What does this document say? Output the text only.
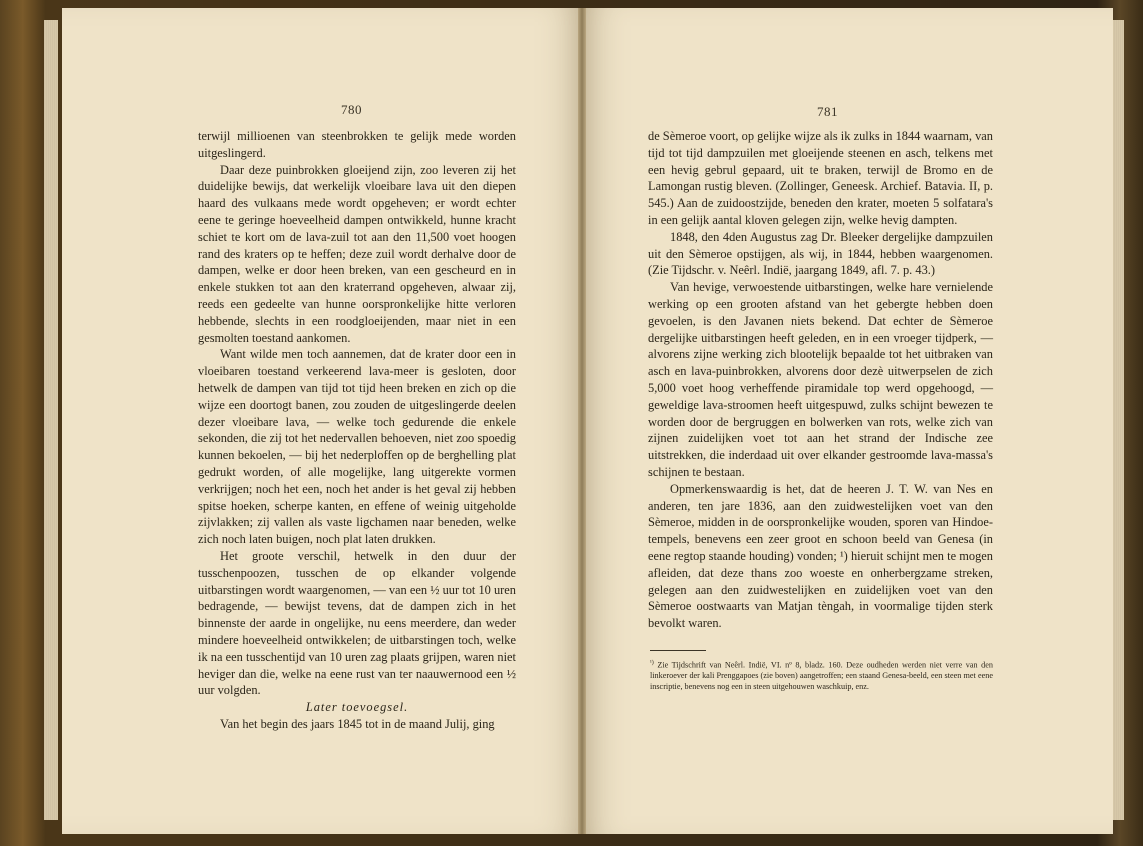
780	781

terwijl millioenen van steenbrokken te gelijk mede worden uitgeslingerd.

Daar deze puinbrokken gloeijend zijn, zoo leveren zij het duidelijke bewijs, dat werkelijk vloeibare lava uit den diepen haard des vulkaans mede wordt opgeheven; er wordt echter eene te geringe hoeveelheid dampen ontwikkeld, hunne kracht schiet te kort om de lava-zuil tot aan den 11,500 voet hoogen rand des kraters op te heffen; deze zuil wordt derhalve door de dampen, welke er door heen breken, van een gescheurd en in enkele stukken tot aan den kraterrand opgeheven, alwaar zij, reeds een gedeelte van hunne oorspronkelijke hitte verloren hebbende, slechts in een roodgloeijenden, maar niet in een gesmolten toestand aankomen.

Want wilde men toch aannemen, dat de krater door een in vloeibaren toestand verkeerend lava-meer is gesloten, door hetwelk de dampen van tijd tot tijd heen breken en zich op die wijze een doortogt banen, zou zouden de uitgeslingerde deelen dezer vloeibare lava, — welke toch gedurende die enkele sekonden, die zij tot het nedervallen behoeven, niet zoo spoedig kunnen bekoelen, — bij het nederploffen op de berghelling plat gedrukt worden, of alle mogelijke, lang uitgerekte vormen verkrijgen; noch het een, noch het ander is het geval zij hebben spitse hoeken, scherpe kanten, en effene of weinig uitgeholde zijvlakken; zij vallen als vaste ligchamen naar beneden, welke zich noch laten buigen, noch plat laten drukken.

Het groote verschil, hetwelk in den duur der tusschenpoozen, tusschen de op elkander volgende uitbarstingen wordt waargenomen, — van een ½ uur tot 10 uren bedragende, — bewijst tevens, dat de dampen zich in het binnenste der aarde in ongelijke, nu eens meerdere, dan weder mindere hoeveelheid ontwikkelen; de uitbarstingen toch, welke ik na een tusschentijd van 10 uren zag plaats grijpen, waren niet heviger dan die, welke na eene rust van ter naauwernood een ½ uur volgden.

Later toevoegsel.

Van het begin des jaars 1845 tot in de maand Julij, ging

de Sèmeroe voort, op gelijke wijze als ik zulks in 1844 waarnam, van tijd tot tijd dampzuilen met gloeijende steenen en asch, telkens met een hevig gebrul gepaard, uit te braken, terwijl de Bromo en de Lamongan rustig bleven. (Zollinger, Geneesk. Archief. Batavia. II, p. 545.) Aan de zuidoostzijde, beneden den krater, moeten 5 solfatara's in een gelijk aantal kloven gelegen zijn, welke hevig dampten.

1848, den 4den Augustus zag Dr. Bleeker dergelijke dampzuilen uit den Sèmeroe opstijgen, als wij, in 1844, hebben waargenomen. (Zie Tijdschr. v. Neêrl. Indië, jaargang 1849, afl. 7. p. 43.)

Van hevige, verwoestende uitbarstingen, welke hare vernielende werking op een grooten afstand van het gebergte hebben doen gevoelen, is den Javanen niets bekend. Dat echter de Sèmeroe dergelijke uitbarstingen heeft geleden, en in een vroeger tijdperk, — alvorens zijne werking zich blootelijk bepaalde tot het uitbraken van asch en lava-puinbrokken, alvorens door dezè uitwerpselen de zich 5,000 voet hoog verheffende piramidale top werd opgehoogd, — geweldige lava-stroomen heeft uitgespuwd, zulks schijnt bewezen te worden door de bergruggen en bolwerken van rots, welke zich van zijnen zuidelijken voet tot aan het strand der Indische zee uitstrekken, die inderdaad uit over elkander gestroomde lava-massa's schijnen te bestaan.

Opmerkenswaardig is het, dat de heeren J. T. W. van Nes en anderen, ten jare 1836, aan den zuidwestelijken voet van den Sèmeroe, midden in de oorspronkelijke wouden, sporen van Hindoe-tempels, benevens een zeer groot en schoon beeld van Genesa (in eene regtop staande houding) vonden; ¹) hieruit schijnt men te mogen afleiden, dat deze thans zoo woeste en onherbergzame streken, gelegen aan den zuidwestelijken en zuidelijken voet van den Sèmeroe oostwaarts van Matjan tèngah, in voormalige tijden sterk bevolkt waren.

$^{^1)}$ Zie Tijdschrift van Neêrl. Indië, VI. nº 8, bladz. 160. Deze oudheden werden niet verre van den linkeroever der kali Prenggapoes (zie boven) aangetroffen; een staand Genesa-beeld, een steen met eene inscriptie, benevens nog een in steen uitgehouwen waschkuip, enz.
